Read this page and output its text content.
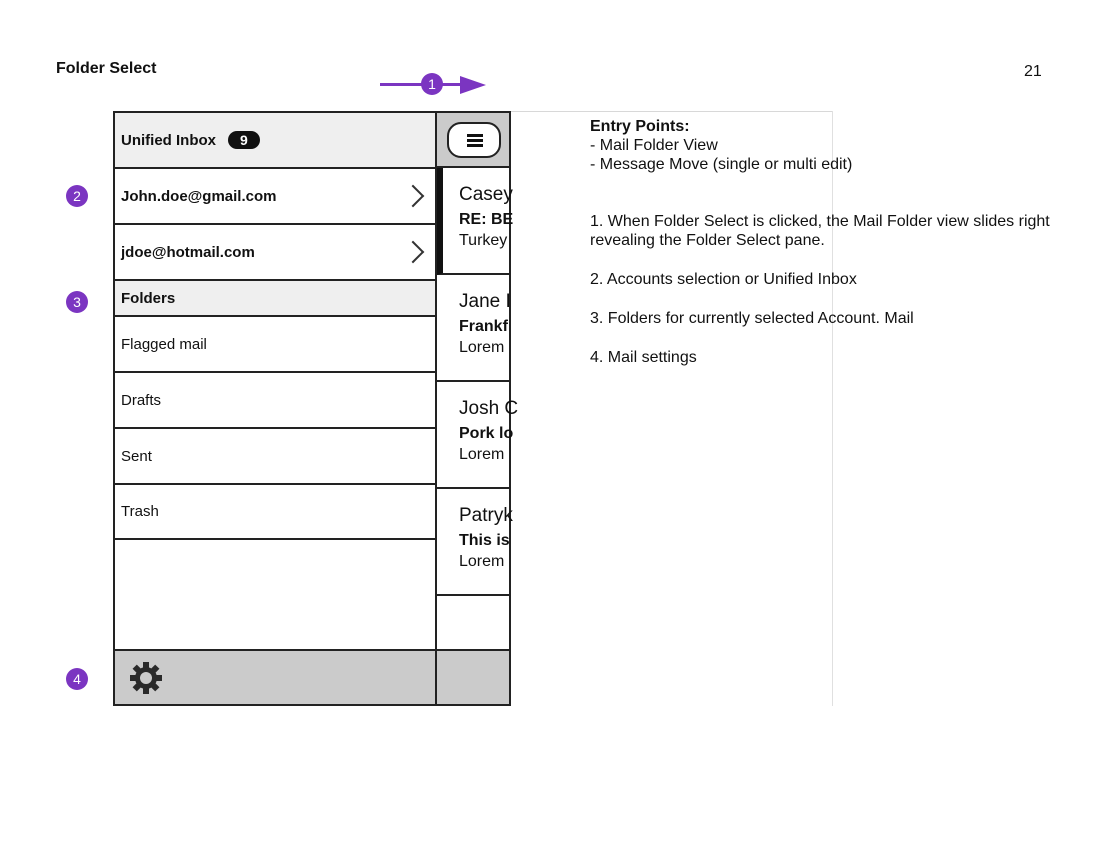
Folder Select	21
1
2
3
4
Unified Inbox	9
John.doe@gmail.com
jdoe@hotmail.com
Folders
Flagged mail
Drafts
Sent
Trash
Casey
RE: BE
Turkey
Jane I
Frankf
Lorem
Josh C
Pork lo
Lorem
Patryk
This is
Lorem

Entry Points:

- Mail Folder View

- Message Move (single or multi edit)

1. When Folder Select is clicked, the Mail Folder view slides right revealing the Folder Select pane.

2. Accounts selection or Unified Inbox

3. Folders for currently selected Account. Mail

4. Mail settings
